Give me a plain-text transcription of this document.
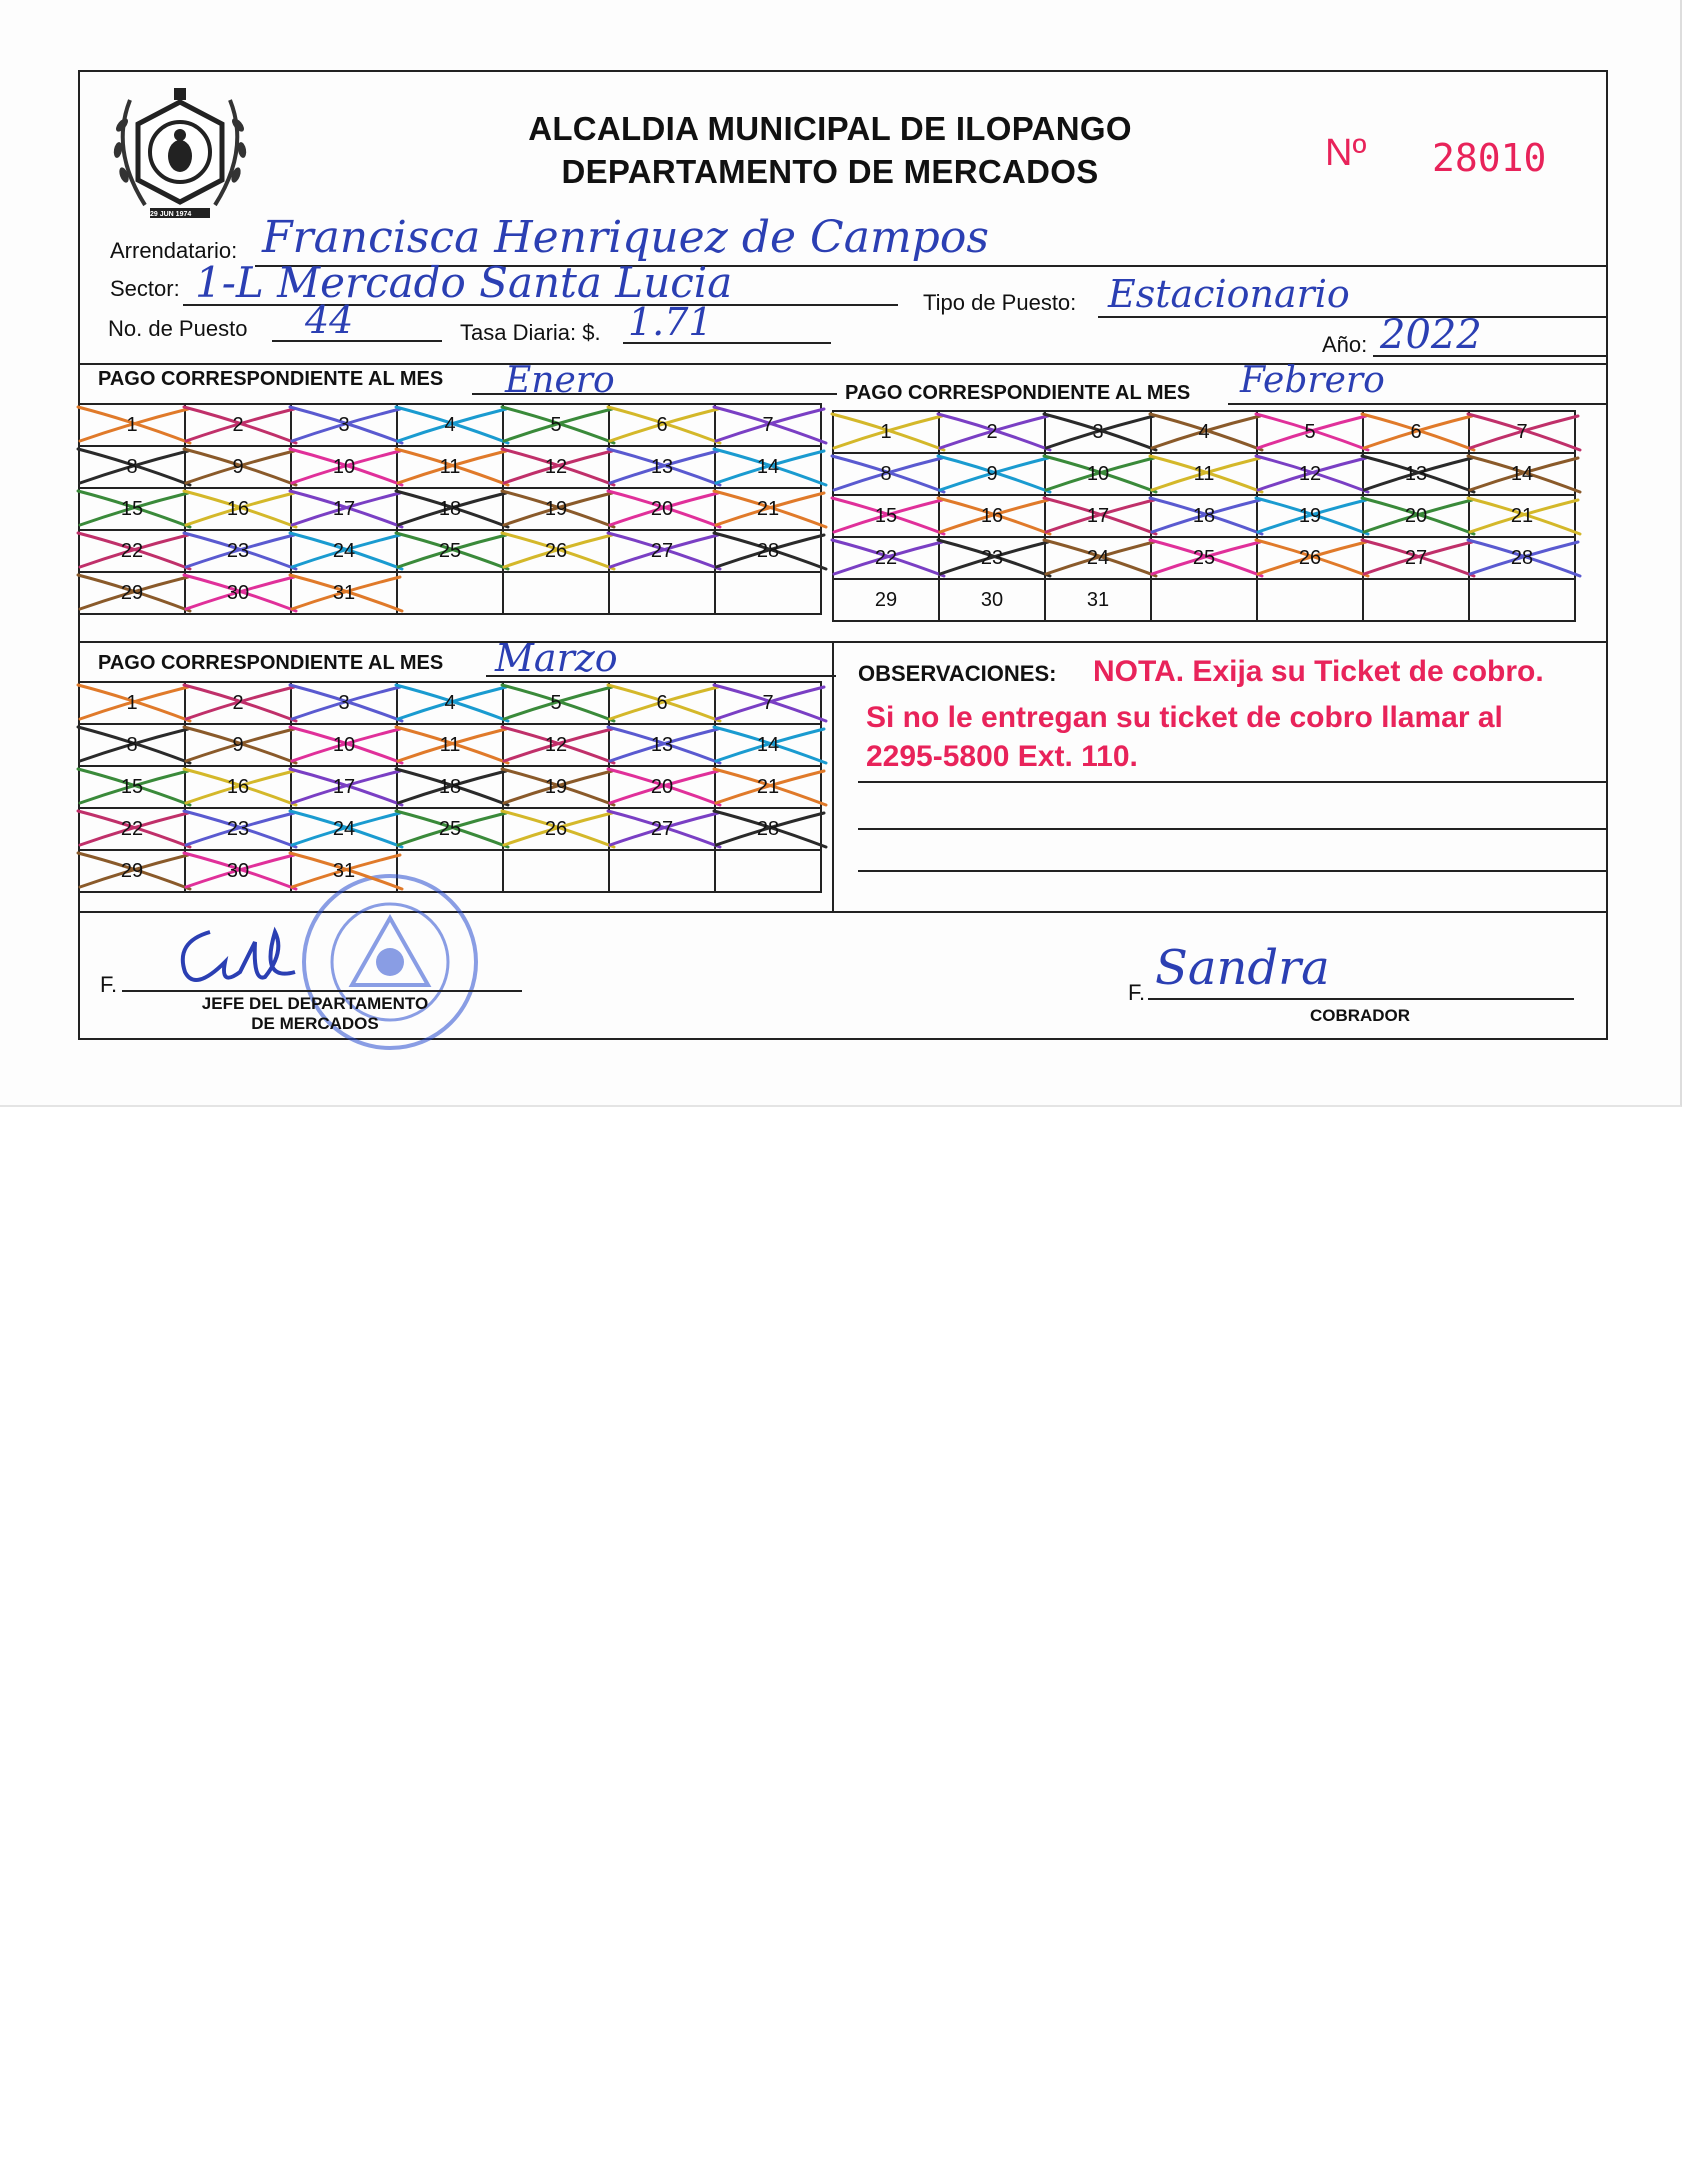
29 JUN 1974
ALCALDIA MUNICIPAL DE ILOPANGO
DEPARTAMENTO DE MERCADOS	Nº 28010
Arrendatario: Francisca Henriquez de Campos
Sector: 1-L Mercado Santa Lucia	Tipo de Puesto: Estacionario
No. de Puesto 44	Tasa Diaria: $. 1.71
Año: 2022
PAGO CORRESPONDIENTE AL MES Enero	PAGO CORRESPONDIENTE AL MES Febrero
1	2	3	4	5	6	7

8	9	10	11	12	13	14

15	16	17	18	19	20	21

22	23	24	25	26	27	28

29	30	31

1	2	3	4	5	6	7

8	9	10	11	12	13	14

15	16	17	18	19	20	21

22	23	24	25	26	27	28

29	30	31				
PAGO CORRESPONDIENTE AL MES Marzo
1	2	3	4	5	6	7

8	9	10	11	12	13	14

15	16	17	18	19	20	21

22	23	24	25	26	27	28

29	30	31

OBSERVACIONES: NOTA. Exija su Ticket de cobro.
Si no le entregan su ticket de cobro llamar al
2295-5800 Ext. 110.
F.
JEFE DEL DEPARTAMENTO
DE MERCADOS
F. Sandra
COBRADOR
